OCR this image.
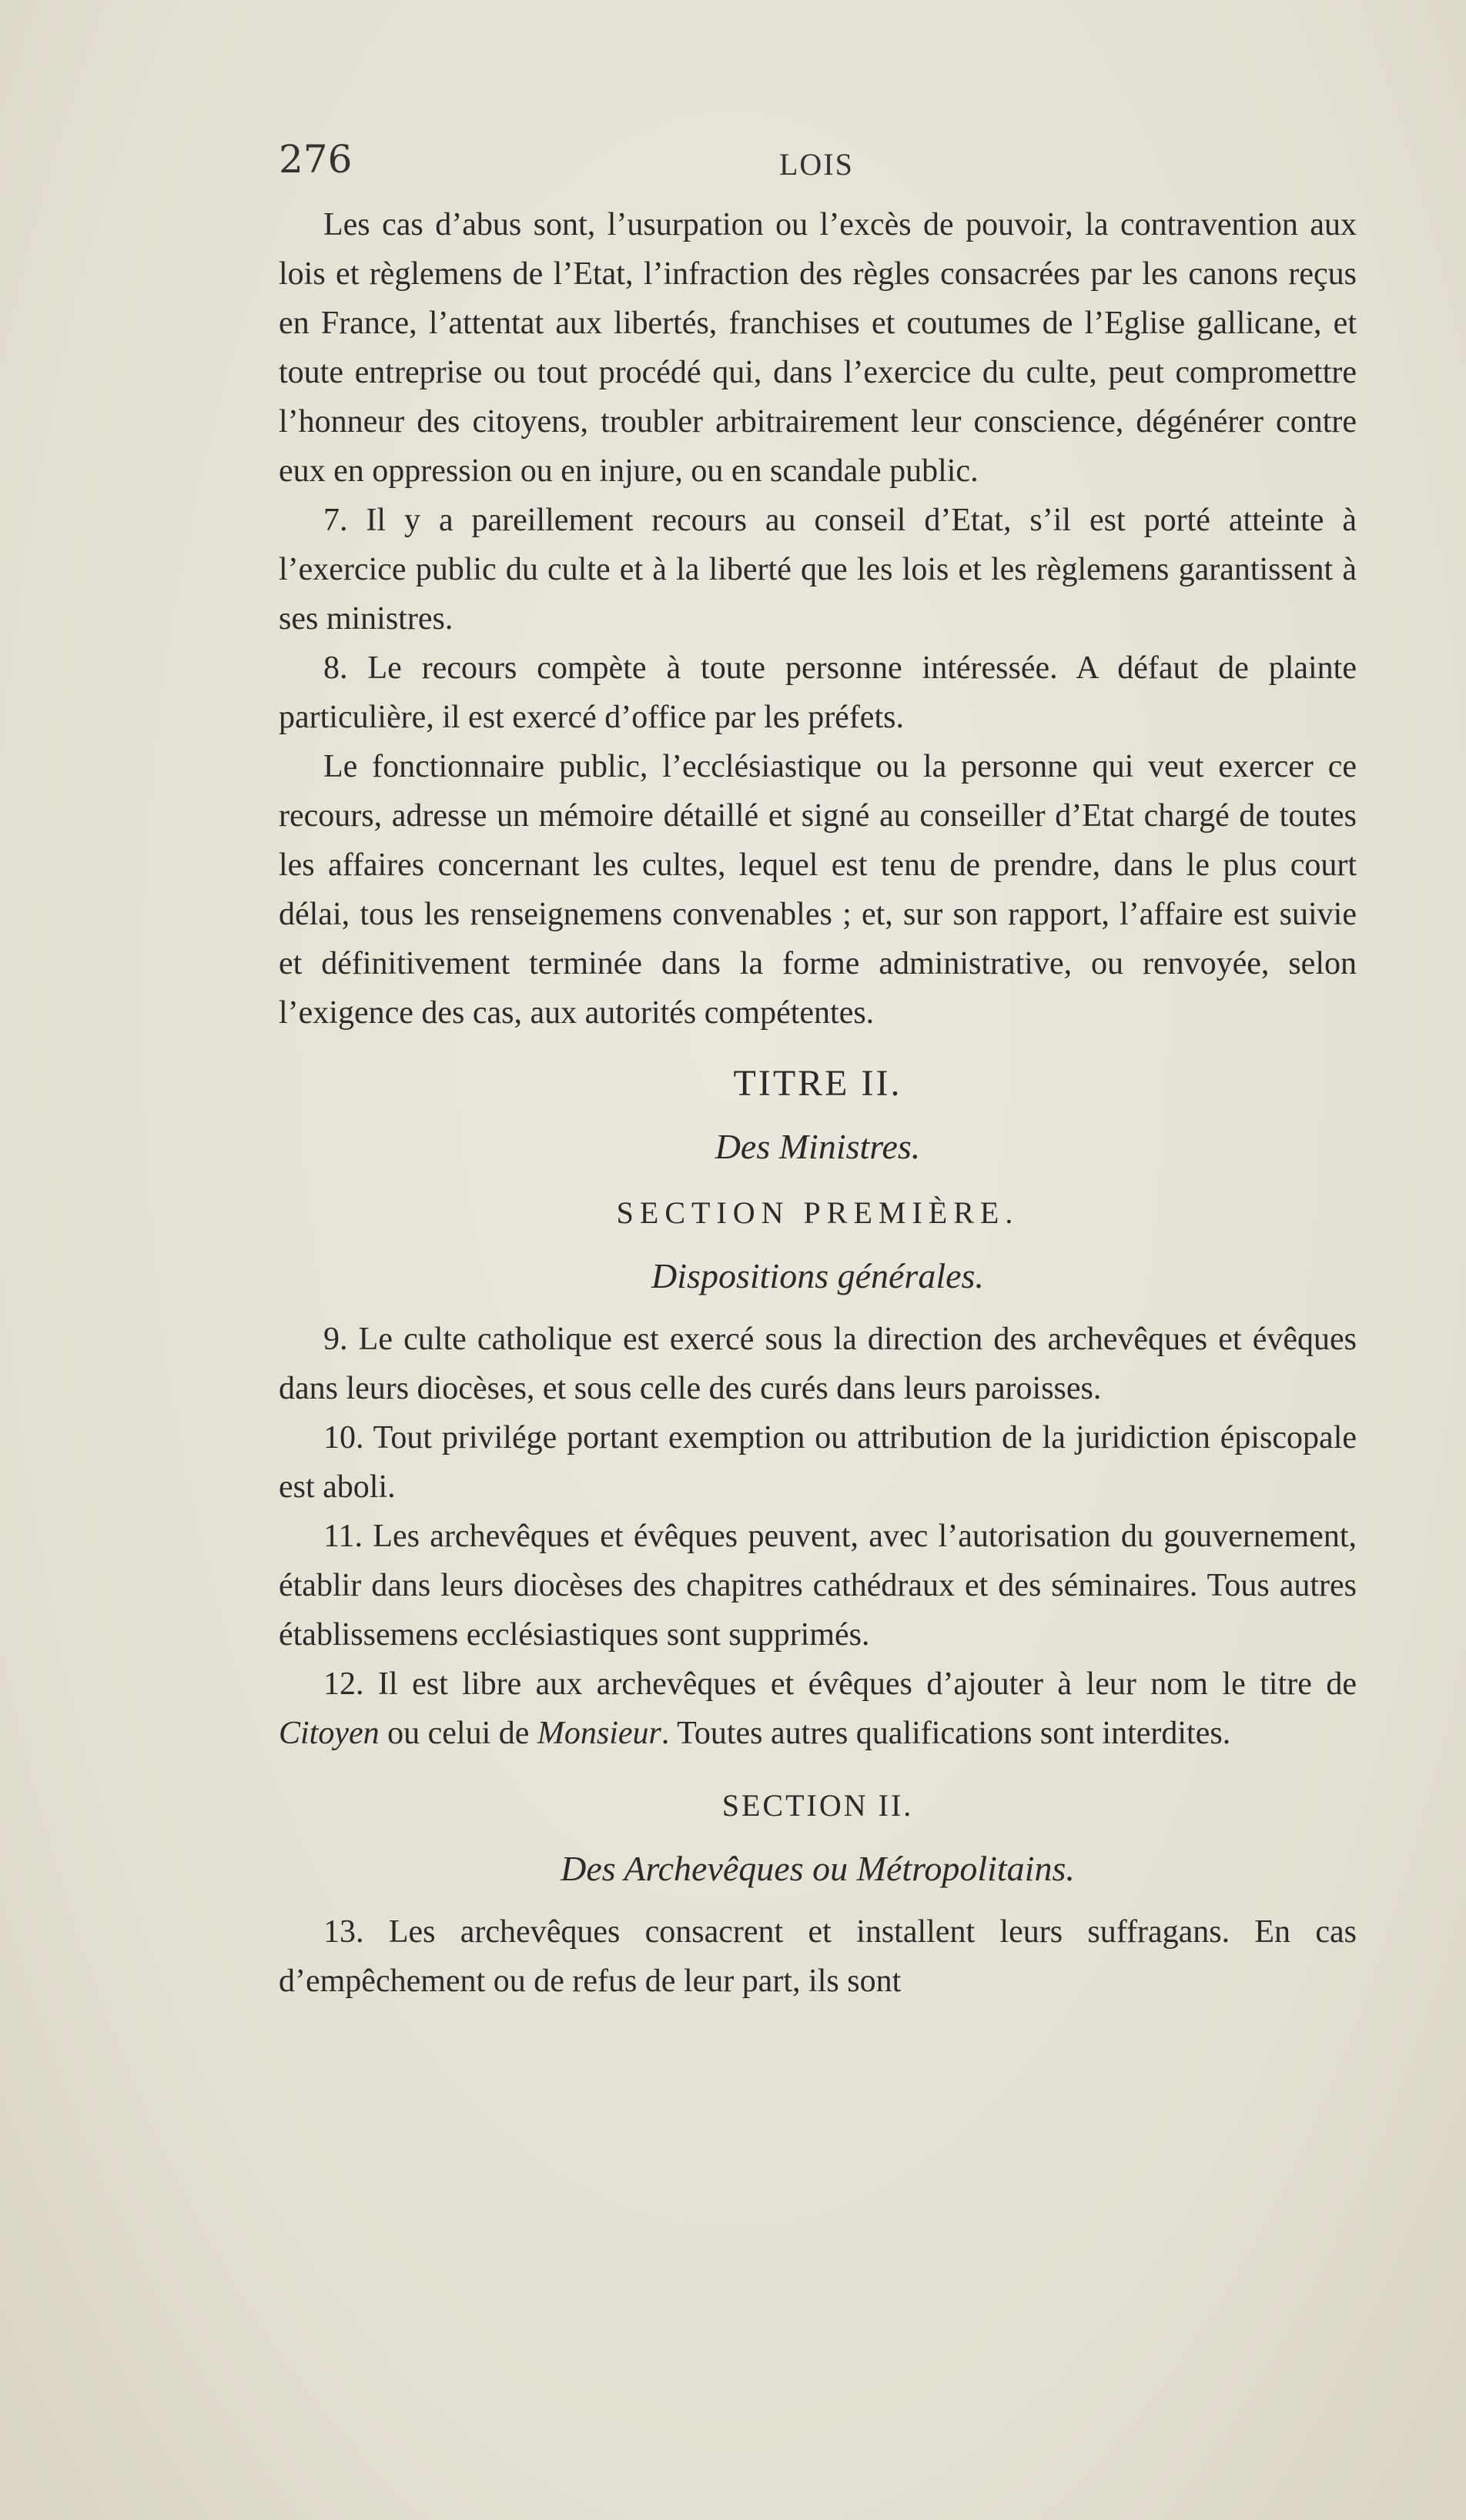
276	LOIS

Les cas d’abus sont, l’usurpation ou l’excès de pouvoir, la contravention aux lois et règlemens de l’Etat, l’infraction des règles consacrées par les canons reçus en France, l’attentat aux libertés, franchises et coutumes de l’Eglise gallicane, et toute entreprise ou tout procédé qui, dans l’exercice du culte, peut compromettre l’honneur des citoyens, troubler arbitrairement leur conscience, dégénérer contre eux en oppression ou en injure, ou en scandale public.

7. Il y a pareillement recours au conseil d’Etat, s’il est porté atteinte à l’exercice public du culte et à la liberté que les lois et les règlemens garantissent à ses ministres.

8. Le recours compète à toute personne intéressée. A défaut de plainte particulière, il est exercé d’office par les préfets.

Le fonctionnaire public, l’ecclésiastique ou la personne qui veut exercer ce recours, adresse un mémoire détaillé et signé au conseiller d’Etat chargé de toutes les affaires concernant les cultes, lequel est tenu de prendre, dans le plus court délai, tous les renseignemens convenables ; et, sur son rapport, l’affaire est suivie et définitivement terminée dans la forme administrative, ou renvoyée, selon l’exigence des cas, aux autorités compétentes.

TITRE II.
Des Ministres.
SECTION PREMIÈRE.
Dispositions générales.

9. Le culte catholique est exercé sous la direction des archevêques et évêques dans leurs diocèses, et sous celle des curés dans leurs paroisses.

10. Tout privilége portant exemption ou attribution de la juridiction épiscopale est aboli.

11. Les archevêques et évêques peuvent, avec l’autorisation du gouvernement, établir dans leurs diocèses des chapitres cathédraux et des séminaires. Tous autres établissemens ecclésiastiques sont supprimés.

12. Il est libre aux archevêques et évêques d’ajouter à leur nom le titre de Citoyen ou celui de Monsieur. Toutes autres qualifications sont interdites.

SECTION II.
Des Archevêques ou Métropolitains.

13. Les archevêques consacrent et installent leurs suffragans. En cas d’empêchement ou de refus de leur part, ils sont
